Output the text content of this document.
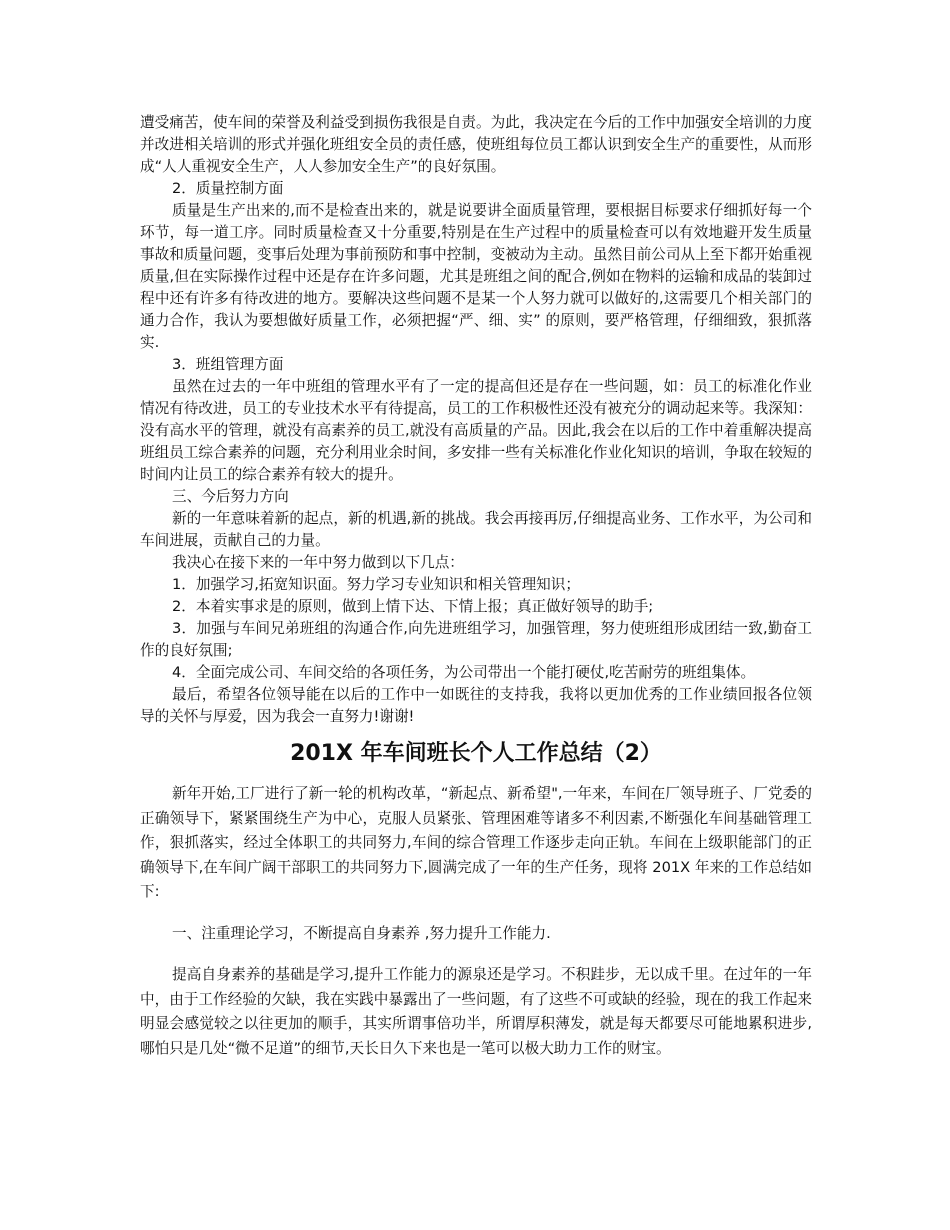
遭受痛苦，使车间的荣誉及利益受到损伤我很是自责。为此，我决定在今后的工作中加强安全培训的力度并改进相关培训的形式并强化班组安全员的责任感，使班组每位员工都认识到安全生产的重要性，从而形成“人人重视安全生产，人人参加安全生产”的良好氛围。

2．质量控制方面

质量是生产出来的,而不是检查出来的，就是说要讲全面质量管理，要根据目标要求仔细抓好每一个环节，每一道工序。同时质量检查又十分重要,特别是在生产过程中的质量检查可以有效地避开发生质量事故和质量问题，变事后处理为事前预防和事中控制，变被动为主动。虽然目前公司从上至下都开始重视质量,但在实际操作过程中还是存在许多问题，尤其是班组之间的配合,例如在物料的运输和成品的装卸过程中还有许多有待改进的地方。要解决这些问题不是某一个人努力就可以做好的,这需要几个相关部门的通力合作，我认为要想做好质量工作，必须把握“严、细、实” 的原则，要严格管理，仔细细致，狠抓落实.

3．班组管理方面

虽然在过去的一年中班组的管理水平有了一定的提高但还是存在一些问题，如：员工的标准化作业情况有待改进，员工的专业技术水平有待提高，员工的工作积极性还没有被充分的调动起来等。我深知：没有高水平的管理，就没有高素养的员工,就没有高质量的产品。因此,我会在以后的工作中着重解决提高班组员工综合素养的问题，充分利用业余时间，多安排一些有关标准化作业化知识的培训，争取在较短的时间内让员工的综合素养有较大的提升。

三、今后努力方向

新的一年意味着新的起点，新的机遇,新的挑战。我会再接再厉,仔细提高业务、工作水平，为公司和车间进展，贡献自己的力量。

我决心在接下来的一年中努力做到以下几点：

1．加强学习,拓宽知识面。努力学习专业知识和相关管理知识；

2．本着实事求是的原则，做到上情下达、下情上报；真正做好领导的助手;

3．加强与车间兄弟班组的沟通合作,向先进班组学习，加强管理，努力使班组形成团结一致,勤奋工作的良好氛围;

4．全面完成公司、车间交给的各项任务，为公司带出一个能打硬仗,吃苦耐劳的班组集体。

最后，希望各位领导能在以后的工作中一如既往的支持我，我将以更加优秀的工作业绩回报各位领导的关怀与厚爱，因为我会一直努力!谢谢!

201X 年车间班长个人工作总结（2）

新年开始,工厂进行了新一轮的机构改革，“新起点、新希望",一年来，车间在厂领导班子、厂党委的正确领导下，紧紧围绕生产为中心，克服人员紧张、管理困难等诸多不利因素,不断强化车间基础管理工作，狠抓落实，经过全体职工的共同努力,车间的综合管理工作逐步走向正轨。车间在上级职能部门的正确领导下,在车间广阔干部职工的共同努力下,圆满完成了一年的生产任务，现将 201X 年来的工作总结如下:

一、注重理论学习，不断提高自身素养 ,努力提升工作能力.

提高自身素养的基础是学习,提升工作能力的源泉还是学习。不积跬步，无以成千里。在过年的一年中，由于工作经验的欠缺，我在实践中暴露出了一些问题，有了这些不可或缺的经验，现在的我工作起来明显会感觉较之以往更加的顺手，其实所谓事倍功半，所谓厚积薄发，就是每天都要尽可能地累积进步,哪怕只是几处“微不足道”的细节,天长日久下来也是一笔可以极大助力工作的财宝。
